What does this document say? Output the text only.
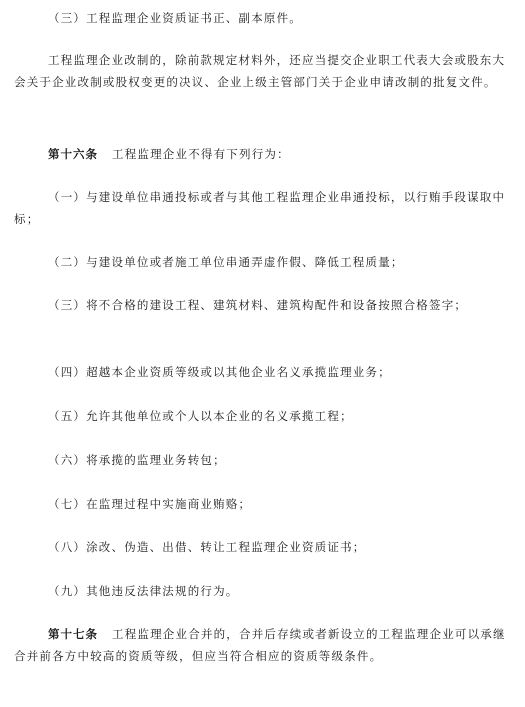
（三）工程监理企业资质证书正、副本原件。

工程监理企业改制的，除前款规定材料外，还应当提交企业职工代表大会或股东大会关于企业改制或股权变更的决议、企业上级主管部门关于企业申请改制的批复文件。

第十六条 工程监理企业不得有下列行为：

（一）与建设单位串通投标或者与其他工程监理企业串通投标，以行贿手段谋取中标；

（二）与建设单位或者施工单位串通弄虚作假、降低工程质量；

（三）将不合格的建设工程、建筑材料、建筑构配件和设备按照合格签字；

（四）超越本企业资质等级或以其他企业名义承揽监理业务；

（五）允许其他单位或个人以本企业的名义承揽工程；

（六）将承揽的监理业务转包；

（七）在监理过程中实施商业贿赂；

（八）涂改、伪造、出借、转让工程监理企业资质证书；

（九）其他违反法律法规的行为。

第十七条 工程监理企业合并的，合并后存续或者新设立的工程监理企业可以承继合并前各方中较高的资质等级，但应当符合相应的资质等级条件。
